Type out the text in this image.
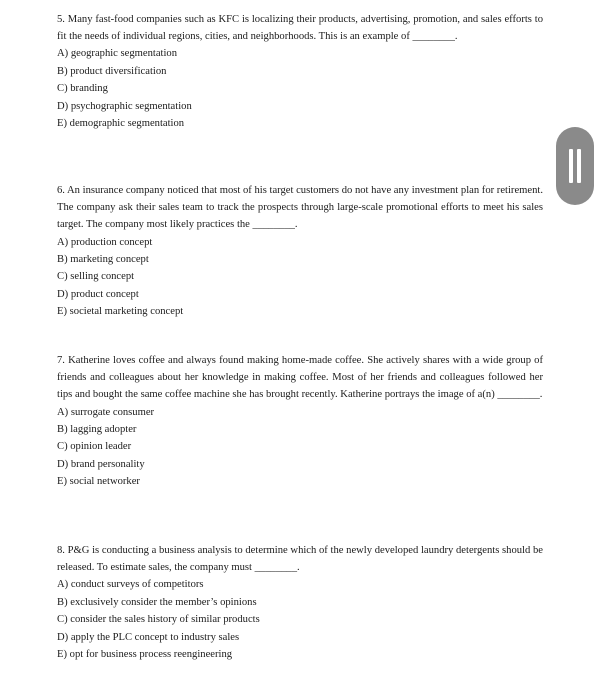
5. Many fast-food companies such as KFC is localizing their products, advertising, promotion, and sales efforts to fit the needs of individual regions, cities, and neighborhoods. This is an example of ________.

A) geographic segmentation
B) product diversification
C) branding
D) psychographic segmentation
E) demographic segmentation

6. An insurance company noticed that most of his target customers do not have any investment plan for retirement. The company ask their sales team to track the prospects through large-scale promotional efforts to meet his sales target. The company most likely practices the ________.

A) production concept
B) marketing concept
C) selling concept
D) product concept
E) societal marketing concept

7. Katherine loves coffee and always found making home-made coffee. She actively shares with a wide group of friends and colleagues about her knowledge in making coffee. Most of her friends and colleagues followed her tips and bought the same coffee machine she has brought recently. Katherine portrays the image of a(n) ________.

A) surrogate consumer
B) lagging adopter
C) opinion leader
D) brand personality
E) social networker

8. P&G is conducting a business analysis to determine which of the newly developed laundry detergents should be released. To estimate sales, the company must ________.

A) conduct surveys of competitors
B) exclusively consider the member’s opinions
C) consider the sales history of similar products
D) apply the PLC concept to industry sales
E) opt for business process reengineering
